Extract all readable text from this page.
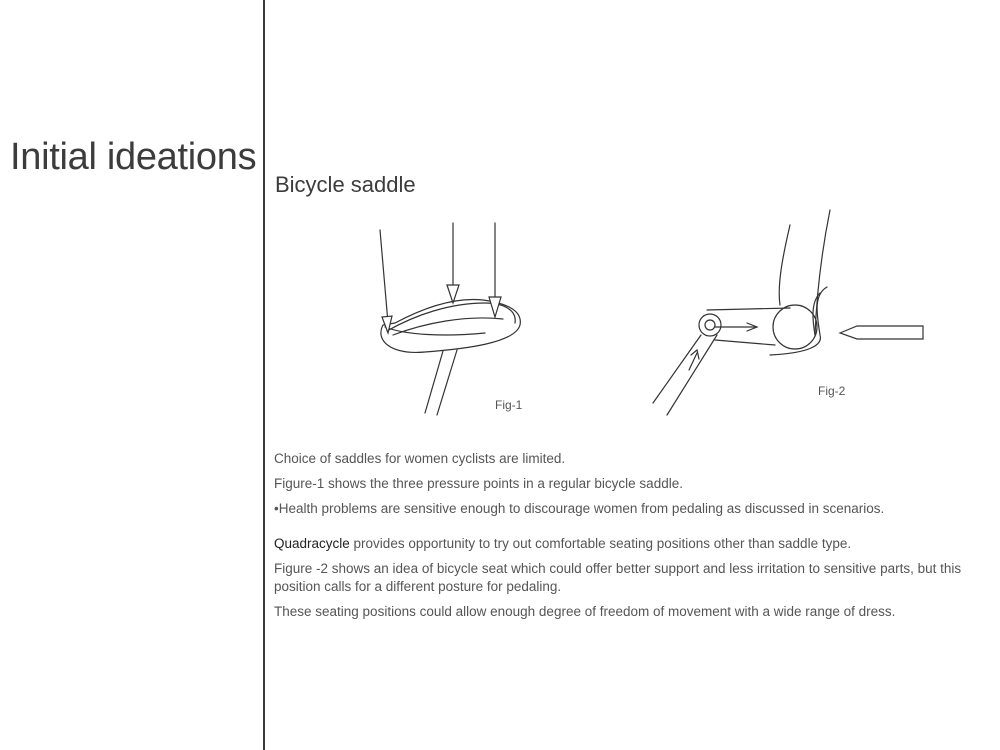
Initial ideations
Bicycle saddle
Fig-1
Fig-2

Choice of saddles for women cyclists are limited.

Figure-1 shows the three pressure points in a regular bicycle saddle.

•Health problems are sensitive enough to discourage women from pedaling as discussed in scenarios.

Quadracycle provides opportunity to try out comfortable seating positions other than saddle type.

Figure -2 shows an idea of bicycle seat which could offer better support and less irritation to sensitive parts, but this position calls for a different posture for pedaling.

These seating positions could allow enough degree of freedom of movement with a wide range of dress.
